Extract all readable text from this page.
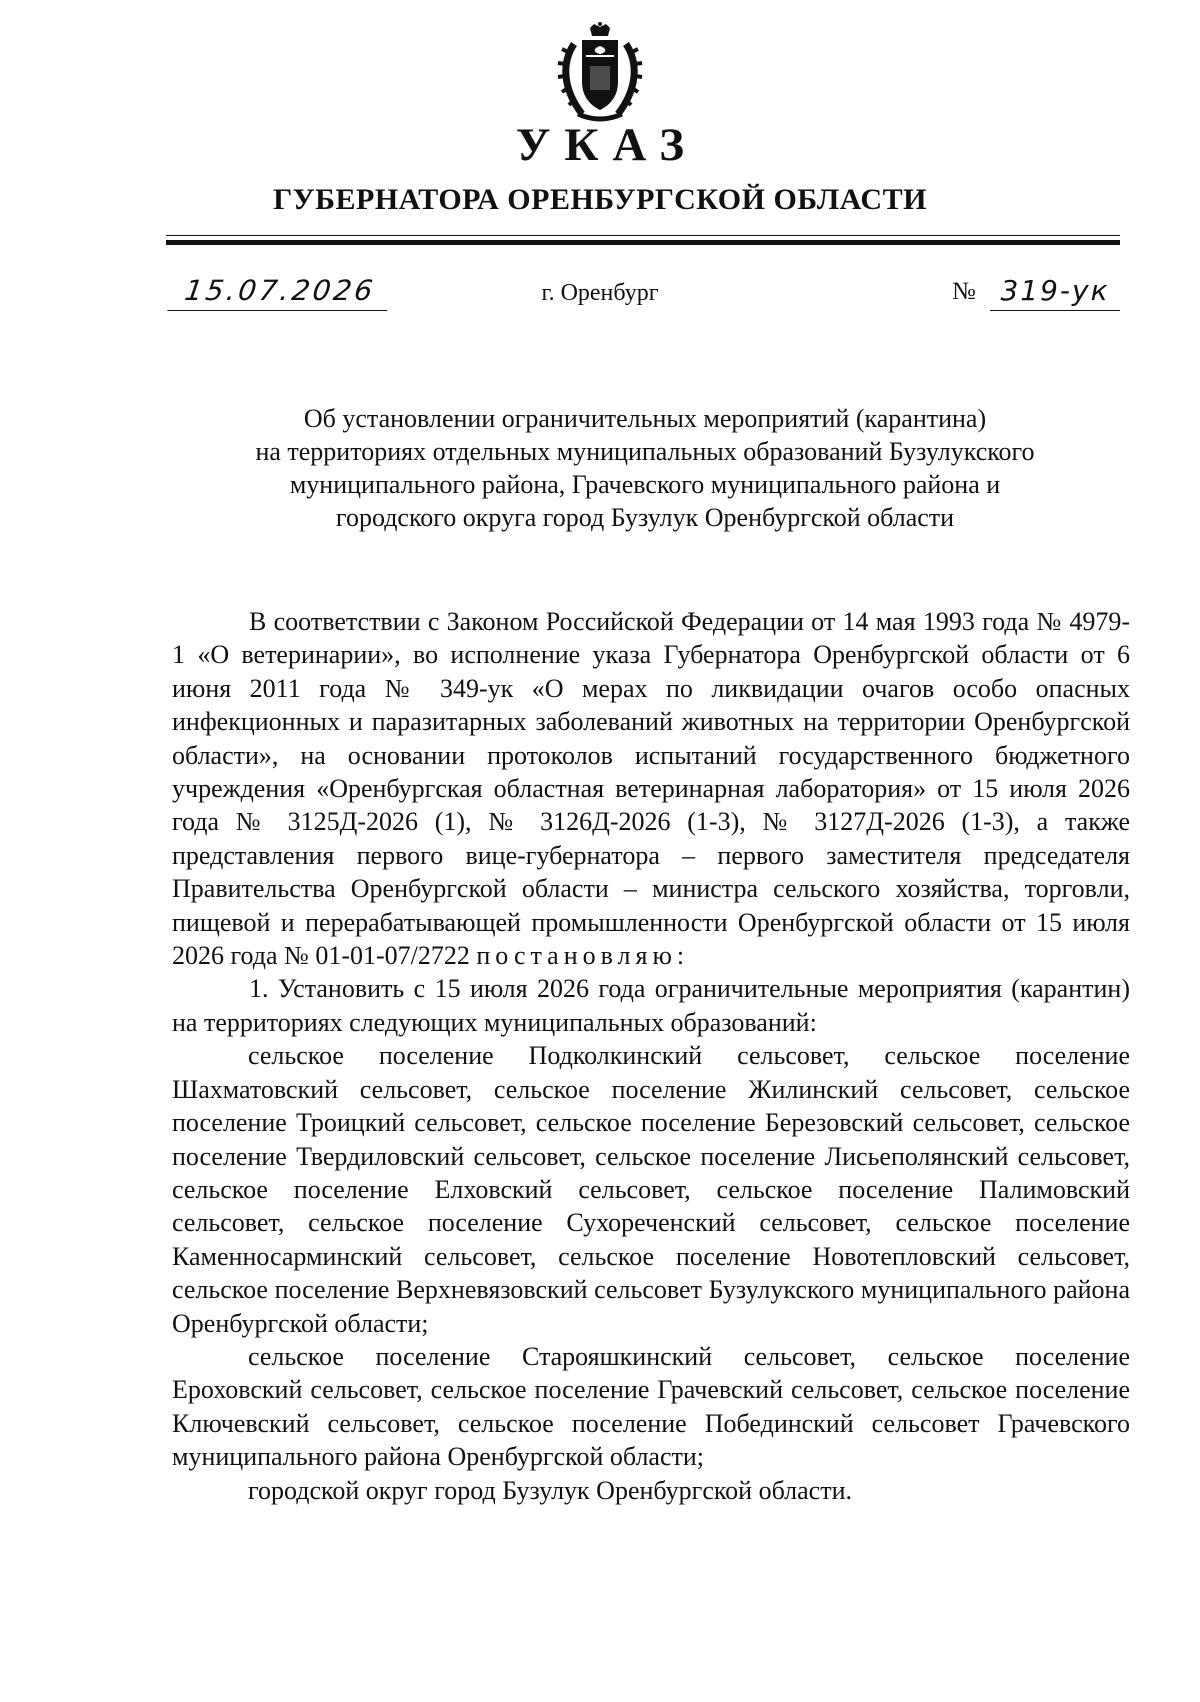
УКАЗ
ГУБЕРНАТОРА ОРЕНБУРГСКОЙ ОБЛАСТИ
15.07.2026	г. Оренбург	№ 319-ук
Об установлении ограничительных мероприятий (карантина)
на территориях отдельных муниципальных образований Бузулукского
муниципального района, Грачевского муниципального района и
городского округа город Бузулук Оренбургской области

В соответствии с Законом Российской Федерации от 14 мая 1993 года № 4979-1 «О ветеринарии», во исполнение указа Губернатора Оренбургской области от 6 июня 2011 года № 349-ук «О мерах по ликвидации очагов особо опасных инфекционных и паразитарных заболеваний животных на территории Оренбургской области», на основании протоколов испытаний государственного бюджетного учреждения «Оренбургская областная ветеринарная лаборатория» от 15 июля 2026 года № 3125Д-2026 (1), № 3126Д-2026 (1-3), № 3127Д-2026 (1-3), а также представления первого вице-губернатора – первого заместителя председателя Правительства Оренбургской области – министра сельского хозяйства, торговли, пищевой и перерабатывающей промышленности Оренбургской области от 15 июля 2026 года № 01-01-07/2722 постановляю:

1. Установить с 15 июля 2026 года ограничительные мероприятия (карантин) на территориях следующих муниципальных образований:

сельское поселение Подколкинский сельсовет, сельское поселение Шахматовский сельсовет, сельское поселение Жилинский сельсовет, сельское поселение Троицкий сельсовет, сельское поселение Березовский сельсовет, сельское поселение Твердиловский сельсовет, сельское поселение Лисьеполянский сельсовет, сельское поселение Елховский сельсовет, сельское поселение Палимовский сельсовет, сельское поселение Сухореченский сельсовет, сельское поселение Каменносарминский сельсовет, сельское поселение Новотепловский сельсовет, сельское поселение Верхневязовский сельсовет Бузулукского муниципального района Оренбургской области;

сельское поселение Старояшкинский сельсовет, сельское поселение Ероховский сельсовет, сельское поселение Грачевский сельсовет, сельское поселение Ключевский сельсовет, сельское поселение Побединский сельсовет Грачевского муниципального района Оренбургской области;

городской округ город Бузулук Оренбургской области.
